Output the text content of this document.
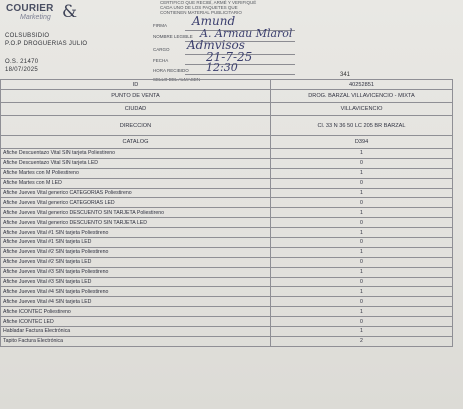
COURIER
Marketing &	CERTIFICO QUE RECIBÍ, ARMÉ Y VERIFIQUÉ
CADA UNO DE LOS PAQUETES QUE
CONTIENEN MATERIAL PUBLICITARIO
COLSUBSIDIO
P.O.P DROGUERIAS JULIO
O.S. 21470
18/07/2025
FIRMA Amund
NOMBRE LEGIBLE A. Armau Mlarol
CARGO Admvisos
FECHA	21-7-25
HORA RECIBIDO 12:30
SELLO DEL ALMACEN
341
ID	40252851
PUNTO DE VENTA	DROG. BARZAL VILLAVICENCIO - MIXTA
CIUDAD	VILLAVICENCIO
DIRECCION	Cl. 33 N 36 50 LC 205 BR BARZAL
CATALOG	D394
Afiche Descuentazo Vital SIN tarjeta Poliestireno	1
Afiche Descuentazo Vital SIN tarjeta LED	0
Afiche Martes con M Poliestireno	1
Afiche Martes con M LED	0
Afiche Jueves Vital generico CATEGORIAS Poliestireno	1
Afiche Jueves Vital generico CATEGORIAS LED	0
Afiche Jueves Vital generico DESCUENTO SIN TARJETA Poliestireno	1
Afiche Jueves Vital generico DESCUENTO SIN TARJETA LED	0
Afiche Jueves Vital #1 SIN tarjeta Poliestireno	1
Afiche Jueves Vital #1 SIN tarjeta LED	0
Afiche Jueves Vital #2 SIN tarjeta Poliestireno	1
Afiche Jueves Vital #2 SIN tarjeta LED	0
Afiche Jueves Vital #3 SIN tarjeta Poliestireno	1
Afiche Jueves Vital #3 SIN tarjeta LED	0
Afiche Jueves Vital #4 SIN tarjeta Poliestireno	1
Afiche Jueves Vital #4 SIN tarjeta LED	0
Afiche ICONTEC Poliestireno	1
Afiche ICONTEC LED	0
Habladar Factura Electrónica	1
Tapito Factura Electrónica	2
